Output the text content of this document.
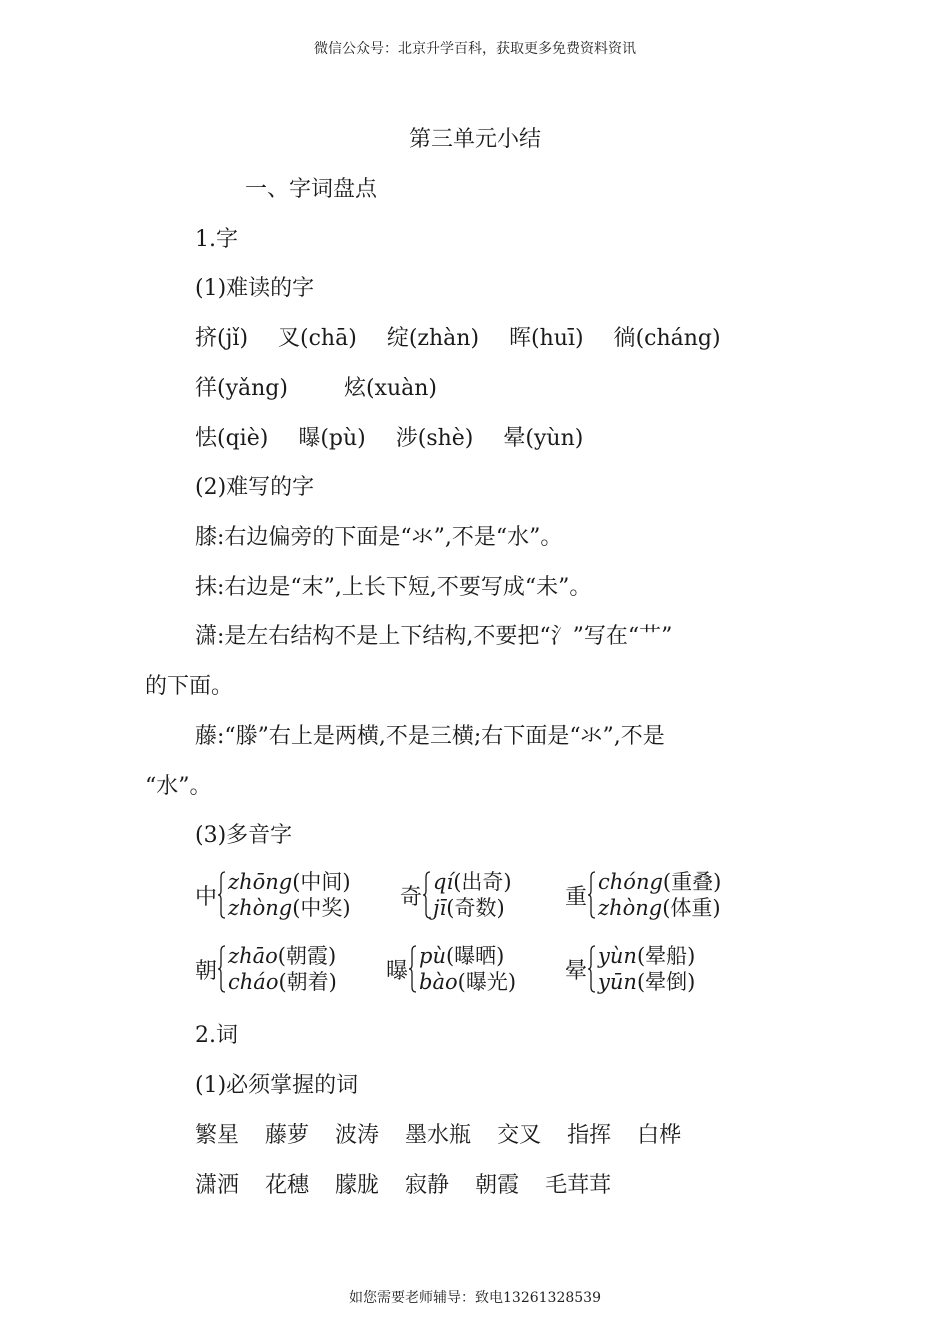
微信公众号：北京升学百科，获取更多免费资料资讯
第三单元小结
一、字词盘点
1.字
(1)难读的字
挤(jǐ) 叉(chā) 绽(zhàn) 晖(huī) 徜(cháng)
徉(yǎng)	炫(xuàn)
怯(qiè) 曝(pù) 涉(shè) 晕(yùn)
(2)难写的字
膝:右边偏旁的下面是“氺”,不是“水”。
抹:右边是“末”,上长下短,不要写成“未”。
潇:是左右结构不是上下结构,不要把“氵”写在“艹”
的下面。
藤:“滕”右上是两横,不是三横;右下面是“氺”,不是
“水”。
(3)多音字
中
zhōng(中间)
zhòng(中奖) 奇
qí(出奇)
jī(奇数)	重
chóng(重叠)
zhòng(体重)
朝
zhāo(朝霞)
cháo(朝着) 曝
pù(曝晒)
bào(曝光) 晕
yùn(晕船)
yūn(晕倒)
2.词
(1)必须掌握的词
繁星 藤萝 波涛 墨水瓶 交叉 指挥 白桦
潇洒 花穗 朦胧 寂静 朝霞 毛茸茸
如您需要老师辅导：致电13261328539
